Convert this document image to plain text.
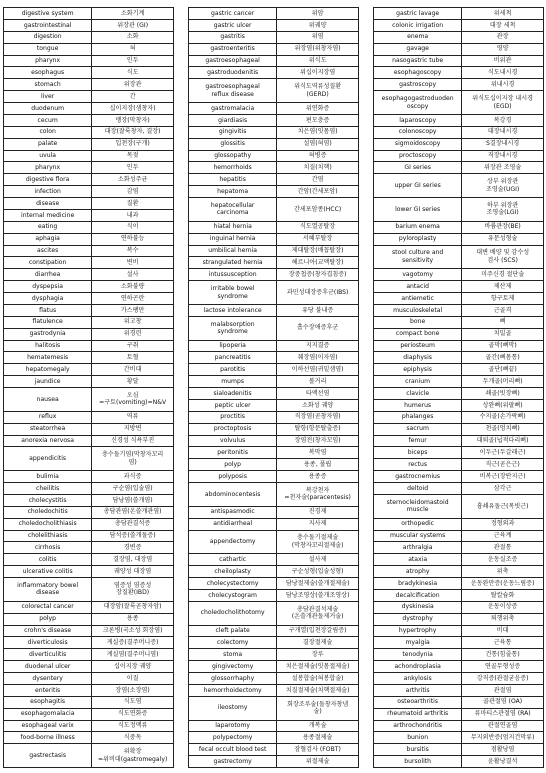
digestive system	소화기계
gastrointestinal	위장관 (GI)
digestion	소화
tongue	혀
pharynx	인두
esophagus	식도
stomach	위장관
liver	간
duodenum	십이지장(샘창자)
cecum	맹장(막창자)
colon	대장(잘룩창자, 결장)
palate	입천장(구개)
uvula	목젖
pharynx	인두
digestive flora	소화성주균
infection	감염
disease	질환
internal medicine	내과
eating	식이
aphagia	연하불능
ascites	복수
constipation	변비
diarrhea	설사
dyspepsia	소화불량
dysphagia	연하곤란
flatus	가스팽만
flatulence	위고창
gastrodynia	위경련
halitosis	구취
hematemesis	토혈
hepatomegaly	간비대
jaundice	황달
nausea	오심
=구토(vomiting)=N&V
reflux	역류
steatorrhea	지방변
anorexia nervosa	신경성 식욕부진
appendicitis	충수돌기염(막창자꼬리
염)
bulimia	과식증
cheilitis	구순염(입술염)
cholecystitis	담낭염(쓸개염)
choledochitis	총담관염(온쓸개관염)
choledocholithiasis	총담관결석증
cholelithiasis	담석증(쓸개돌증)
cirrhosis	경변증
colitis	결장염, 대장염
ulcerative colitis	궤양성 대장염
inflammatory bowel
disease	염증성 염증성
장질환(IBD)
colorectal cancer	대장암(잘룩곧창자암)
polyp	용종
crohn's disease	크론병(국소성 회장염)
diverticulosis	게실증(결주머니증)
diverticulitis	게실염(결주머니염)
duodenal ulcer	십이지장 궤양
dysentery	이질
enteritis	장염(소장염)
esophagitis	식도염
esophagomalacia	식도연화증
esophageal varix	식도정맥류
food-borne illness	식중독
gastrectasis	위확장
=위비대(gastromegaly)
gastric cancer	위암
gastric ulcer	위궤양
gastritis	위염
gastroenteritis	위장염(위창자염)
gastroesophageal	위식도
gastroduodenitis	위십이지장염
gastroesophageal
reflux disease	위식도역류성질환
(GERD)
gastromalacia	위연화증
giardiasis	편모충증
gingivitis	치은염(잇몸염)
glossitis	설염(혀염)
glossopathy	혀병증
hemorrhoids	치질(치핵)
hepatitis	간염
hepatoma	간암(간세포암)
hepatocellular
carcinoma	간세포암종(HCC)
hiatal hernia	식도열공탈장
inguinal hernia	서혜부탈장
umbilical hernia	제대탈장(배꼽탈장)
strangulated hernia	헤르니아(교액탈장)
intussusception	장중첩증(창자겹침증)
irritable bowel
syndrome	과민성대장증후군(IBS)
lactose intolerance	유당 불내증
malabsorption
syndrome	흡수장애증후군
lipoperia	지지결증
pancreatitis	췌장염(이자염)
parotitis	이하선염(귀밑샘염)
mumps	볼거리
sialoadenitis	타액선염
peptic ulcer	소화성 궤양
proctitis	직장염(곧창자염)
proctoptosis	탈항(항문탈출증)
volvulus	장염전(창자꼬임)
peritonitis	복막염
polyp	용종, 폴립
polyposis	용종증
abdominocentesis	복강천자
=천자술(paracentesis)
antispasmodic	진경제
antidiarrheal	지사제
appendectomy	충수돌기절제술
(막창자꼬리절제술)
cathartic	설사제
cheiloplasty	구순성형(입술성형)
cholecystectomy	담낭절제술(쓸개절제술)
cholecystogram	담낭조영상(쓸개조영상)
choledocholithotomy	총담관결석제술
(온쓸개관돌제거술)
cleft palate	구개열(입천장갈림증)
colectomy	결장절제술
stoma	장루
gingivectomy	치은절제술(잇몸절제술)
glossorrhaphy	설봉합술(혀봉합술)
hemorrhoidectomy	치질절제술(치핵절제술)
ileostomy	회장조루술(돌창자창냄
술)
laparotomy	개복술
polypectomy	용종절제술
fecal occult blood test	잠혈검사 (FOBT)
gastrectomy	위절제술
gastric lavage	위세척
colonic irrigation	대장 세척
enema	관장
gavage	영양
nasogastric tube	비위관
esophagoscopy	식도내시경
gastroscopy	위내시경
esophagogastroduoden
oscopy	위식도십이지장 내시경
(EGD)
laparoscopy	복강경
colonoscopy	대장내시경
sigmoidoscopy	S결장내시경
proctoscopy	직장내시경
GI series	위장관 조영술
upper GI series	상부 위장관
조영술(UGI)
lower GI series	하부 위장관
조영술(LGI)
barium enema	바륨관장(BE)
pyloroplasty	유문성형술
stool culture and
sensitivity	대변 배양 및 감수성
검사 (SCS)
vagotomy	미주신경 절단술
antacid	제산제
antiemetic	항구토제
musculoskeletal	근골격
bone	뼈
compact bone	치밀골
periosteum	골막(뼈막)
diaphysis	골간(뼈몸통)
epiphysis	골단(뼈끝)
cranium	두개골(머리뼈)
clavicle	쇄골(빗장뼈)
humerus	상완뼈(위팔뼈)
phalanges	수지골(손가락뼈)
sacrum	천골(엉치뼈)
femur	대퇴골(넙적다리뼈)
biceps	이두근(두갈래근)
rectus	직근(곧은근)
gastrocnemius	비복근(장딴지근)
deltoid	삼각근
sternocleidomastoid
muscle	흉쇄유돌근(목빗근)
orthopedic	정형외과
muscular systems	근육계
arthralgia	관절통
ataxia	운동실조증
atrophy	위축
bradykinesia	운동완만증(운동느림증)
decalcification	탈칼슘화
dyskinesia	운동이상증
dystrophy	퇴행위축
hypertrophy	비대
myalgia	근육통
tenodynia	건통(힘줄통)
achondroplasia	연골무형성증
ankylosis	강직증(관절굳음증)
arthritis	관절염
osteoarthritis	골관절염 (OA)
rheumatoid arthritis	류마티스관절염 (RA)
arthrochondritis	관절연골염
bunion	무지외반증(엄지건막류)
bursitis	점활낭염
bursolith	윤활낭결석
